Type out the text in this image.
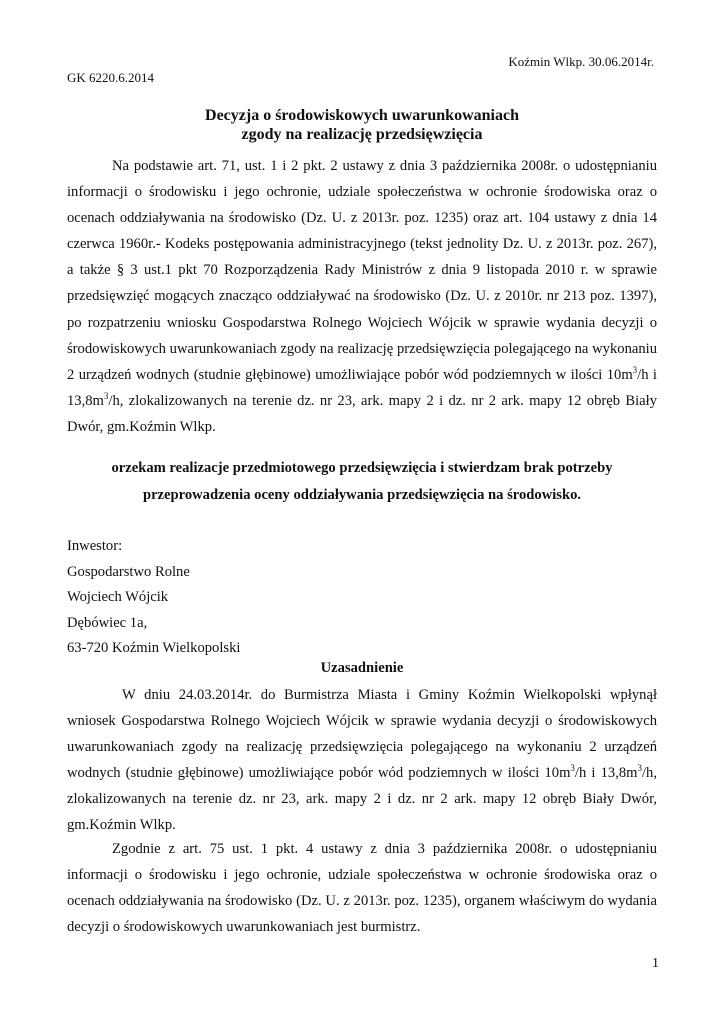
Koźmin Wlkp. 30.06.2014r.
GK 6220.6.2014
Decyzja o środowiskowych uwarunkowaniach
zgody na realizację przedsięwzięcia

Na podstawie art. 71, ust. 1 i 2 pkt. 2 ustawy z dnia 3 października 2008r. o udostępnianiu informacji o środowisku i jego ochronie, udziale społeczeństwa w ochronie środowiska oraz o ocenach oddziaływania na środowisko (Dz. U. z 2013r. poz. 1235) oraz art. 104 ustawy z dnia 14 czerwca 1960r.- Kodeks postępowania administracyjnego (tekst jednolity Dz. U. z 2013r. poz. 267), a także § 3 ust.1 pkt 70 Rozporządzenia Rady Ministrów z dnia 9 listopada 2010 r. w sprawie przedsięwzięć mogących znacząco oddziaływać na środowisko (Dz. U. z 2010r. nr 213 poz. 1397), po rozpatrzeniu wniosku Gospodarstwa Rolnego Wojciech Wójcik w sprawie wydania decyzji o środowiskowych uwarunkowaniach zgody na realizację przedsięwzięcia polegającego na wykonaniu 2 urządzeń wodnych (studnie głębinowe) umożliwiające pobór wód podziemnych w ilości $10m^3/h$ i $13,8m^3/h$, zlokalizowanych na terenie dz. nr 23, ark. mapy 2 i dz. nr 2 ark. mapy 12 obręb Biały Dwór, gm.Koźmin Wlkp.

orzekam realizacje przedmiotowego przedsięwzięcia i stwierdzam brak potrzeby
przeprowadzenia oceny oddziaływania przedsięwzięcia na środowisko.
Inwestor:
Gospodarstwo Rolne
Wojciech Wójcik
Dębówiec 1a,
63-720 Koźmin Wielkopolski
Uzasadnienie

W dniu 24.03.2014r. do Burmistrza Miasta i Gminy Koźmin Wielkopolski wpłynął wniosek Gospodarstwa Rolnego Wojciech Wójcik w sprawie wydania decyzji o środowiskowych uwarunkowaniach zgody na realizację przedsięwzięcia polegającego na wykonaniu 2 urządzeń wodnych (studnie głębinowe) umożliwiające pobór wód podziemnych w ilości $10m^3/h$ i $13,8m^3/h$, zlokalizowanych na terenie dz. nr 23, ark. mapy 2 i dz. nr 2 ark. mapy 12 obręb Biały Dwór, gm.Koźmin Wlkp.

Zgodnie z art. 75 ust. 1 pkt. 4 ustawy z dnia 3 października 2008r. o udostępnianiu informacji o środowisku i jego ochronie, udziale społeczeństwa w ochronie środowiska oraz o ocenach oddziaływania na środowisko (Dz. U. z 2013r. poz. 1235), organem właściwym do wydania decyzji o środowiskowych uwarunkowaniach jest burmistrz.

1
